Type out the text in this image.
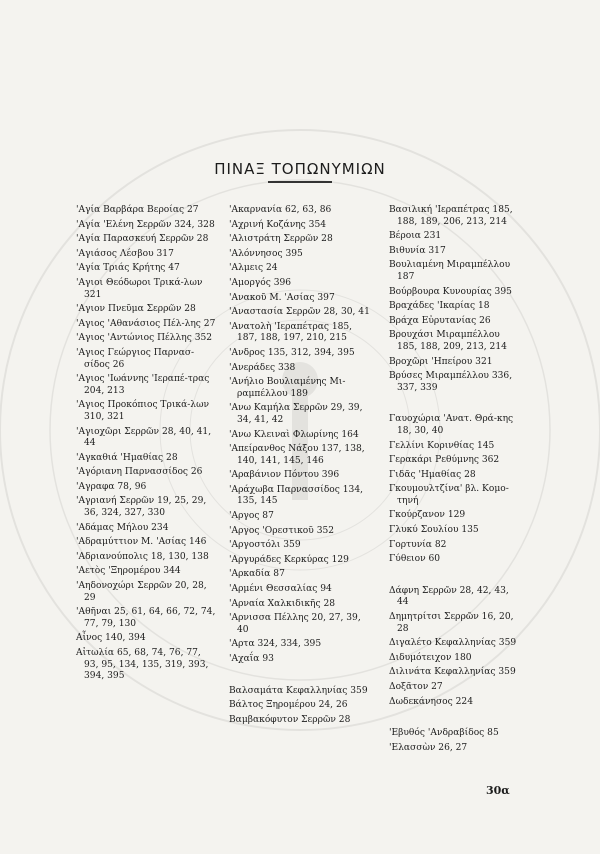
ΠΙΝΑΞ ΤΟΠΩΝΥΜΙΩΝ
'Αγία Βαρβάρα Βεροίας 27
'Αγία 'Ελένη Σερρῶν 324, 328
'Αγία Παρασκευή Σερρῶν 28
'Αγιάσος Λέσβου 317
'Αγία Τριάς Κρήτης 47
'Αγιοι Θεόδωροι Τρικά-λων 321
'Αγιον Πνεῦμα Σερρῶν 28
'Αγιος 'Αθανάσιος Πέλ-λης 27
'Αγιος 'Αντώνιος Πέλλης 352
'Αγιος Γεώργιος Παρνασ-σίδος 26
'Αγιος 'Ιωάννης 'Ιεραπέ-τρας 204, 213
'Αγιος Προκόπιος Τρικά-λων 310, 321
'Αγιοχῶρι Σερρῶν 28, 40, 41, 44
'Αγκαθιά 'Ημαθίας 28
'Αγόριανη Παρνασσίδος 26
'Αγραφα 78, 96
'Αγριανή Σερρῶν 19, 25, 29, 36, 324, 327, 330
'Αδάμας Μήλου 234
'Αδραμύττιον Μ. 'Ασίας 146
'Αδριανούπολις 18, 130, 138
'Αετὸς 'Ξηρομέρου 344
'Αηδονοχώρι Σερρῶν 20, 28, 29
'Αθῆναι 25, 61, 64, 66, 72, 74, 77, 79, 130
Αἶνος 140, 394
Αἰτωλία 65, 68, 74, 76, 77, 93, 95, 134, 135, 319, 393, 394, 395
'Ακαρνανία 62, 63, 86
'Αχρινή Κοζάνης 354
'Αλιστράτη Σερρῶν 28
'Αλόννησος 395
'Αλμεις 24
'Αμοργός 396
'Ανακοῦ Μ. 'Ασίας 397
'Αναστασία Σερρῶν 28, 30, 41
'Ανατολὴ 'Ιεραπέτρας 185, 187, 188, 197, 210, 215
'Ανδρος 135, 312, 394, 395
'Ανεράδες 338
'Ανήλιο Βουλιαμένης Μι-ραμπέλλου 189
'Ανω Καμήλα Σερρῶν 29, 39, 34, 41, 42
'Ανω Κλειναὶ Φλωρίνης 164
'Απείρανθος Νάξου 137, 138, 140, 141, 145, 146
'Αραβάνιον Πόντου 396
'Αράχωβα Παρνασσίδος 134, 135, 145
'Αργος 87
'Αργος 'Ορεστικοῦ 352
'Αργοστόλι 359
'Αργυράδες Κερκύρας 129
'Αρκαδία 87
'Αρμένι Θεσσαλίας 94
'Αρναία Χαλκιδικῆς 28
'Αρνισσα Πέλλης 20, 27, 39, 40
'Αρτα 324, 334, 395
'Αχαΐα 93
Βαλσαμάτα Κεφαλληνίας 359
Βάλτος Ξηρομέρου 24, 26
Βαμβακόφυτον Σερρῶν 28
Βασιλική 'Ιεραπέτρας 185, 188, 189, 206, 213, 214
Βέροια 231
Βιθυνία 317
Βουλιαμένη Μιραμπέλλου 187
Βούρβουρα Κυνουρίας 395
Βραχάδες 'Ικαρίας 18
Βράχα Εὐρυτανίας 26
Βρουχάσι Μιραμπέλλου 185, 188, 209, 213, 214
Βροχῶρι 'Ηπείρου 321
Βρύσες Μιραμπέλλου 336, 337, 339
Γαυοχώρια 'Ανατ. Θρά-κης 18, 30, 40
Γελλίνι Κορινθίας 145
Γερακάρι Ρεθύμνης 362
Γιδᾶς 'Ημαθίας 28
Γκουμουλτζίνα' βλ. Κομο-τηνή
Γκούρζανον 129
Γλυκύ Σουλίου 135
Γορτυνία 82
Γύθειον 60
Δάφνη Σερρῶν 28, 42, 43, 44
Δημητρίτσι Σερρῶν 16, 20, 28
Διγαλέτο Κεφαλληνίας 359
Διδυμότειχον 180
Διλινάτα Κεφαλληνίας 359
Δοξᾶτον 27
Δωδεκάνησος 224
'Εβυθός 'Ανδραβίδος 85
'Ελασσὼν 26, 27
30α
